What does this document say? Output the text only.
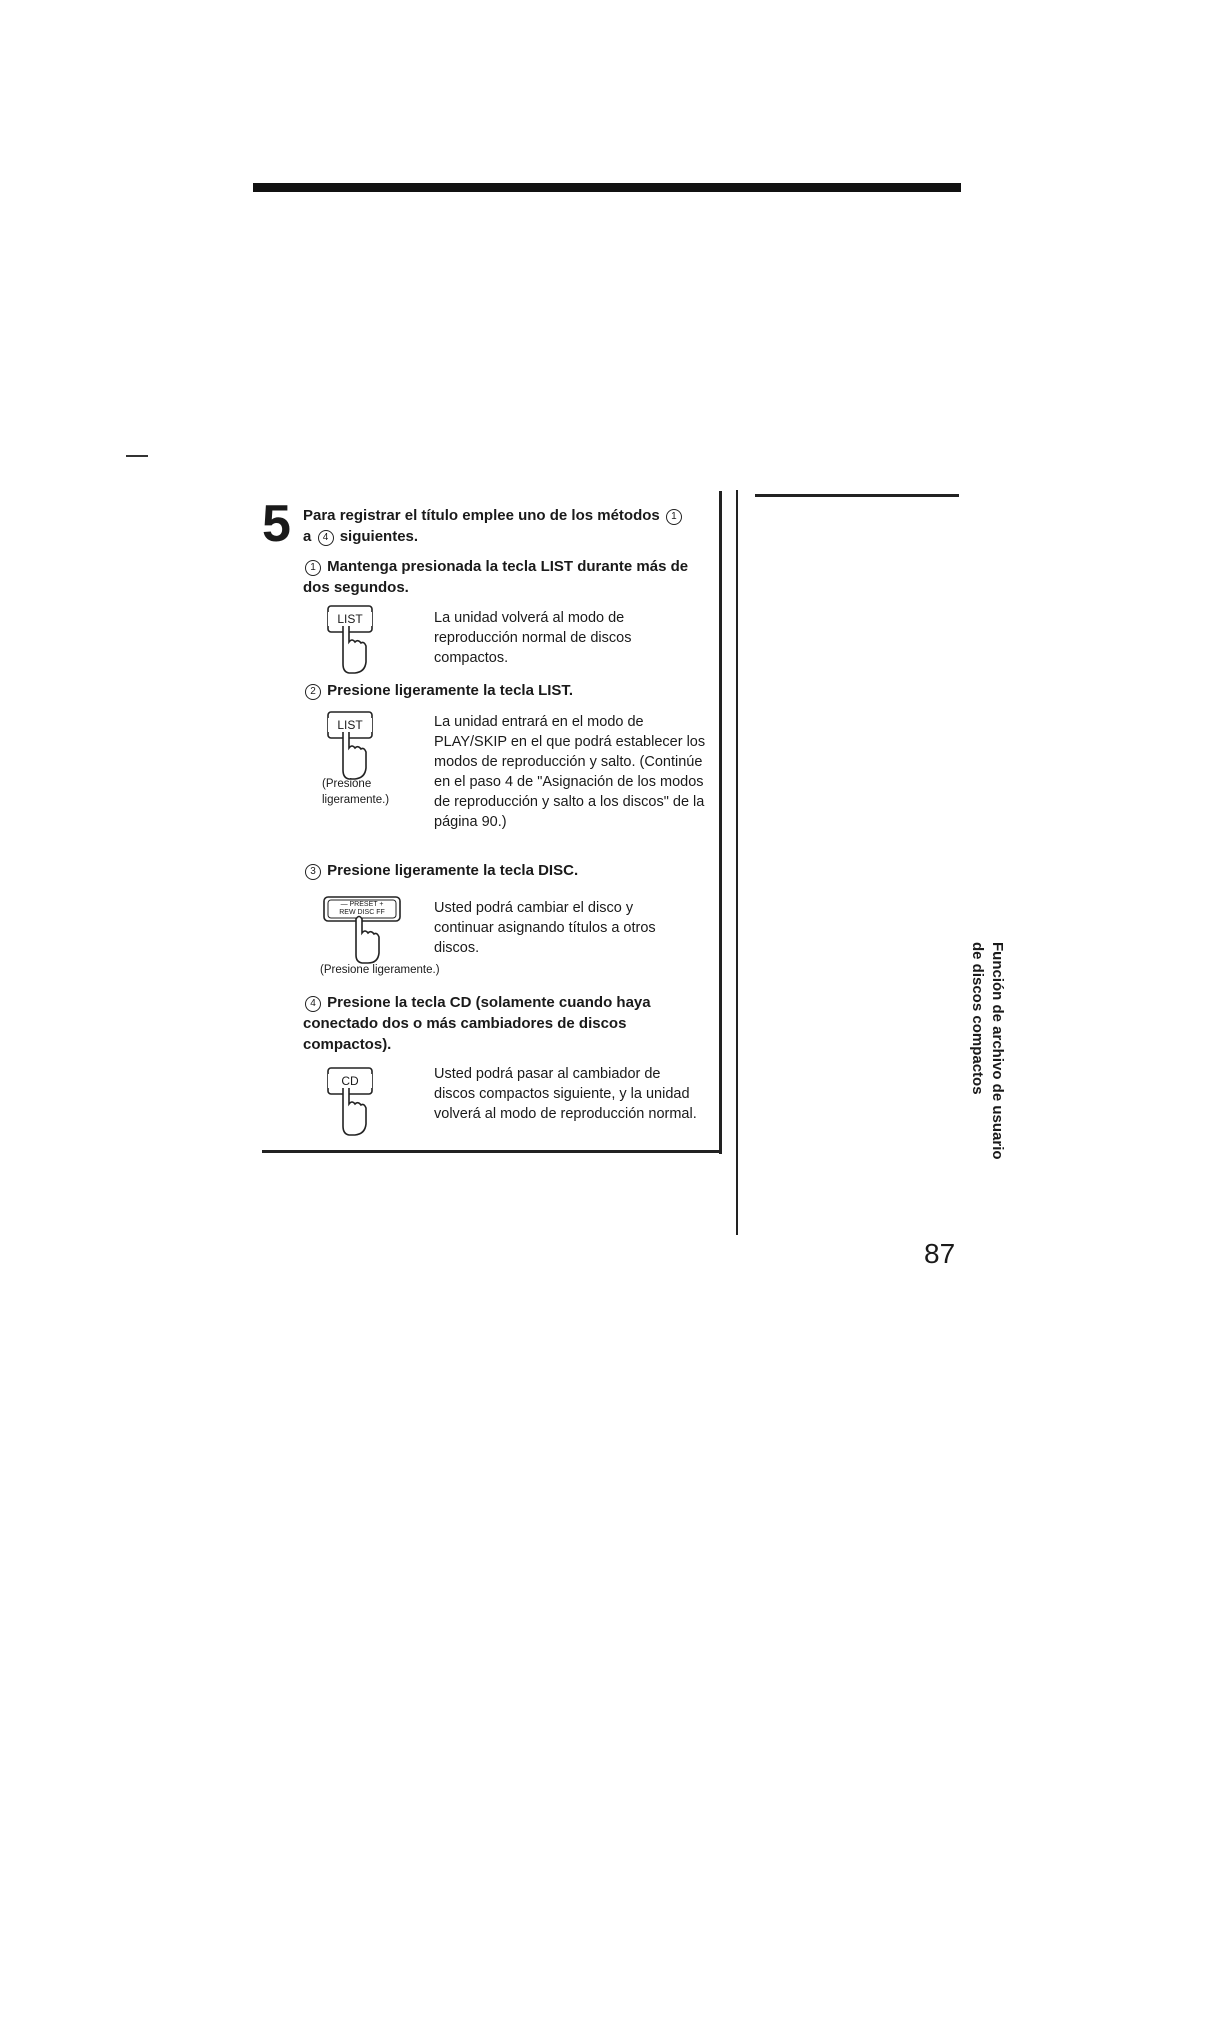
5 Para registrar el título emplee uno de los métodos 1
a 4 siguientes.
1 Mantenga presionada la tecla LIST durante más de dos segundos.
LIST	La unidad volverá al modo de reproducción normal de discos compactos.
2 Presione ligeramente la tecla LIST.
LIST
(Presione ligeramente.)
La unidad entrará en el modo de PLAY/SKIP en el que podrá establecer los modos de reproducción y salto. (Continúe en el paso 4 de "Asignación de los modos de reproducción y salto a los discos" de la página 90.)
3 Presione ligeramente la tecla DISC.
— PRESET +
REW DISC FF
(Presione ligeramente.)
Usted podrá cambiar el disco y continuar asignando títulos a otros discos.
4 Presione la tecla CD (solamente cuando haya conectado dos o más cambiadores de discos compactos).
CD	Usted podrá pasar al cambiador de discos compactos siguiente, y la unidad volverá al modo de reproducción normal.	Función de archivo de usuario
de discos compactos
87
